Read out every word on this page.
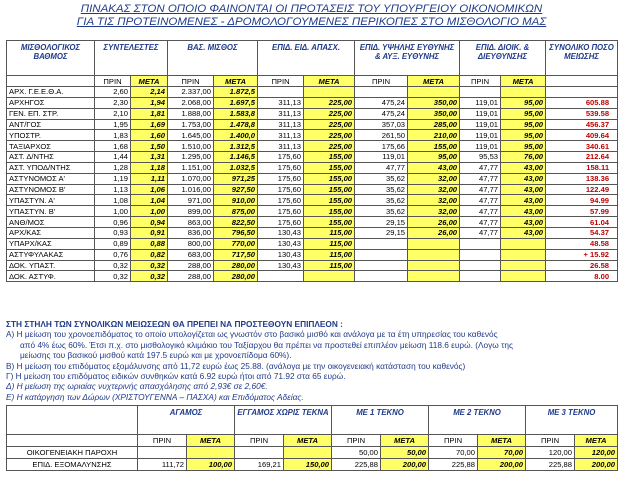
ΠΙΝΑΚΑΣ ΣΤΟΝ ΟΠΟΙΟ ΦΑΙΝΟΝΤΑΙ ΟΙ ΠΡΟΤΑΣΕΙΣ ΤΟΥ ΥΠΟΥΡΓΕΙΟΥ ΟΙΚΟΝΟΜΙΚΩΝ
ΓΙΑ ΤΙΣ ΠΡΟΤΕΙΝΟΜΕΝΕΣ - ΔΡΟΜΟΛΟΓΟΥΜΕΝΕΣ ΠΕΡΙΚΟΠΕΣ ΣΤΟ ΜΙΣΘΟΛΟΓΙΟ ΜΑΣ
ΜΙΣΘΟΛΟΓΙΚΟΣ ΒΑΘΜΟΣ	ΣΥΝΤΕΛΕΣΤΕΣ		ΒΑΣ. ΜΙΣΘΟΣ		ΕΠΙΔ. ΕΙΔ. ΑΠΑΣΧ.		ΕΠΙΔ. ΥΨΗΛΗΣ ΕΥΘΥΝΗΣ & ΑΥΞ. ΕΥΘΥΝΗΣ		ΕΠΙΔ. ΔΙΟΙΚ. & ΔΙΕΥΘΥΝΣΗΣ		ΣΥΝΟΛΙΚΟ ΠΟΣΟ ΜΕΙΩΣΗΣ
	ΠΡΙΝ	ΜΕΤΑ	ΠΡΙΝ	ΜΕΤΑ	ΠΡΙΝ	ΜΕΤΑ	ΠΡΙΝ	ΜΕΤΑ	ΠΡΙΝ	ΜΕΤΑ	
ΑΡΧ. Γ.Ε.Ε.Θ.Α.	2,60	2,14	2.337,00	1.872,5							
ΑΡΧΗΓΟΣ	2,30	1,94	2.068,00	1.697,5	311,13	225,00	475,24	350,00	119,01	95,00	605.88
ΓΕΝ. ΕΠ. ΣΤΡ.	2,10	1,81	1.888,00	1.583,8	311,13	225,00	475,24	350,00	119,01	95,00	539.58
ΑΝΤ/ΓΟΣ	1,95	1,69	1.753,00	1.478,8	311,13	225,00	357,03	285,00	119,01	95,00	456.37
ΥΠΟΣΤΡ.	1,83	1,60	1.645,00	1.400,0	311,13	225,00	261,50	210,00	119,01	95,00	409.64
ΤΑΞΙΑΡΧΟΣ	1,68	1,50	1.510,00	1.312,5	311,13	225,00	175,66	155,00	119,01	95,00	340.61
ΑΣΤ. Δ/ΝΤΗΣ	1,44	1,31	1.295,00	1.146,5	175,60	155,00	119,01	95,00	95,53	76,00	212.64
ΑΣΤ. ΥΠΟΔ/ΝΤΗΣ	1,28	1,18	1.151,00	1.032,5	175,60	155,00	47,77	43,00	47,77	43,00	158.11
ΑΣΤΥΝΟΜΟΣ Α'	1,19	1,11	1.070,00	971,25	175,60	155,00	35,62	32,00	47,77	43,00	138.36
ΑΣΤΥΝΟΜΟΣ Β'	1,13	1,06	1.016,00	927,50	175,60	155,00	35,62	32,00	47,77	43,00	122.49
ΥΠΑΣΤΥΝ. Α'	1,08	1,04	971,00	910,00	175,60	155,00	35,62	32,00	47,77	43,00	94.99
ΥΠΑΣΤΥΝ. Β'	1,00	1,00	899,00	875,00	175,60	155,00	35,62	32,00	47,77	43,00	57.99
ΑΝΘ/ΜΟΣ	0,96	0,94	863,00	822,50	175,60	155,00	29,15	26,00	47,77	43,00	61.04
ΑΡΧ/ΚΑΣ	0,93	0,91	836,00	796,50	130,43	115,00	29,15	26,00	47,77	43,00	54.37
ΥΠΑΡΧ/ΚΑΣ	0,89	0,88	800,00	770,00	130,43	115,00					48.58
ΑΣΤΥΦΥΛΑΚΑΣ	0,76	0,82	683,00	717,50	130,43	115,00					+ 15.92
ΔΟΚ. ΥΠΑΣΤ.	0,32	0,32	288,00	280,00	130,43	115,00					26.58
ΔΟΚ. ΑΣΤΥΦ.	0,32	0,32	288,00	280,00							8.00
ΣΤΗ ΣΤΗΛΗ ΤΩΝ ΣΥΝΟΛΙΚΩΝ ΜΕΙΩΣΕΩΝ ΘΑ ΠΡΕΠΕΙ ΝΑ ΠΡΟΣΤΕΘΟΥΝ ΕΠΙΠΛΕΟΝ :
Α) Η μείωση του χρονοεπιδόματος το οποίο υπολογίζεται ως γνωστόν στο βασικό μισθό και ανάλογα με τα έτη υπηρεσίας του καθενός
από 4% έως 60%. Έτσι π.χ. στο μισθολογικό κλιμάκιο του Ταξίαρχου θα πρέπει να προστεθεί επιπλέον μείωση 118.6 ευρώ. (Λογω της
μείωσης του βασικού μισθού κατά 197.5 ευρώ και με χρονοεπίδομα 60%).
Β) Η μείωση του επιδόματος εξομάλυνσης από 11,72 ευρώ έως 25.88. (ανάλογα με την οικογενειακή κατάσταση του καθενός)
Γ) Η μείωση του επιδόματος ειδικών συνθηκών κατά 6.92 ευρώ ήτοι από 71.92 στα 65 ευρώ.
Δ) Η μείωση της ωριαίας νυχτερινής απασχόλησης από 2,93€ σε 2,60€.
Ε) Η κατάργηση των Δώρων (ΧΡΙΣΤΟΥΓΕΝΝΑ – ΠΑΣΧΑ) και Επιδόματος Αδείας.
	ΑΓΑΜΟΣ		ΕΓΓΑΜΟΣ ΧΩΡΙΣ ΤΕΚΝΑ		ΜΕ 1 ΤΕΚΝΟ		ΜΕ 2 ΤΕΚΝΟ		ΜΕ 3 ΤΕΚΝΟ	
	ΠΡΙΝ	ΜΕΤΑ	ΠΡΙΝ	ΜΕΤΑ	ΠΡΙΝ	ΜΕΤΑ	ΠΡΙΝ	ΜΕΤΑ	ΠΡΙΝ	ΜΕΤΑ
ΟΙΚΟΓΕΝΕΙΑΚΗ ΠΑΡΟΧΗ					50,00	50,00	70,00	70,00	120,00	120,00
ΕΠΙΔ. ΕΞΟΜΑΛΥΝΣΗΣ	111,72	100,00	169,21	150,00	225,88	200,00	225,88	200,00	225,88	200,00
